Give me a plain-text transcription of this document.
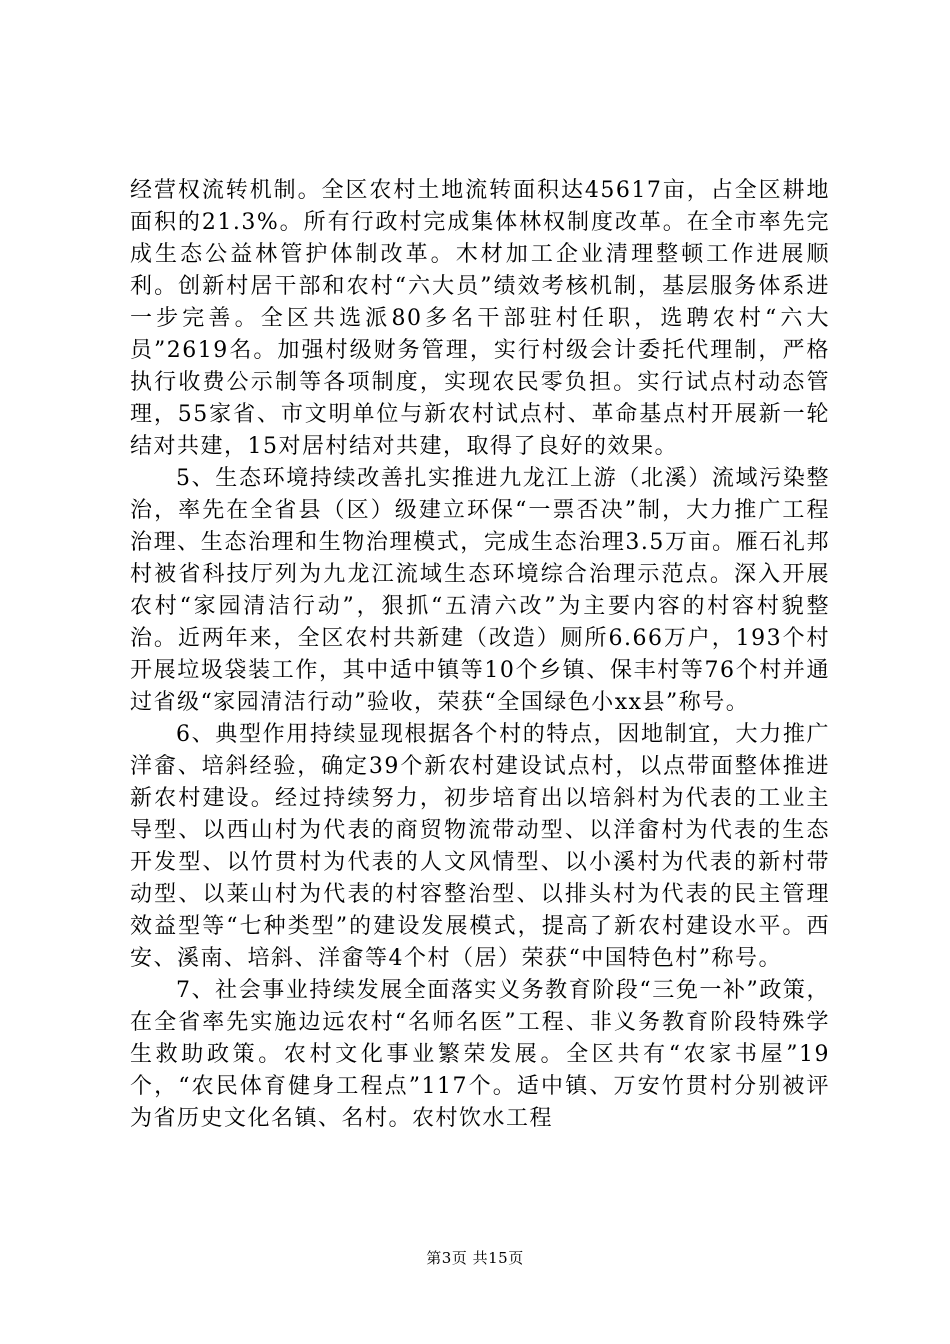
经营权流转机制。全区农村土地流转面积达45617亩，占全区耕地面积的21.3%。所有行政村完成集体林权制度改革。在全市率先完成生态公益林管护体制改革。木材加工企业清理整顿工作进展顺利。创新村居干部和农村“六大员”绩效考核机制，基层服务体系进一步完善。全区共选派80多名干部驻村任职，选聘农村“六大员”2619名。加强村级财务管理，实行村级会计委托代理制，严格执行收费公示制等各项制度，实现农民零负担。实行试点村动态管理，55家省、市文明单位与新农村试点村、革命基点村开展新一轮结对共建，15对居村结对共建，取得了良好的效果。

5、生态环境持续改善扎实推进九龙江上游（北溪）流域污染整治，率先在全省县（区）级建立环保“一票否决”制，大力推广工程治理、生态治理和生物治理模式，完成生态治理3.5万亩。雁石礼邦村被省科技厅列为九龙江流域生态环境综合治理示范点。深入开展农村“家园清洁行动”，狠抓“五清六改”为主要内容的村容村貌整治。近两年来，全区农村共新建（改造）厕所6.66万户，193个村开展垃圾袋装工作，其中适中镇等10个乡镇、保丰村等76个村并通过省级“家园清洁行动”验收，荣获“全国绿色小xx县”称号。

6、典型作用持续显现根据各个村的特点，因地制宜，大力推广洋畲、培斜经验，确定39个新农村建设试点村，以点带面整体推进新农村建设。经过持续努力，初步培育出以培斜村为代表的工业主导型、以西山村为代表的商贸物流带动型、以洋畲村为代表的生态开发型、以竹贯村为代表的人文风情型、以小溪村为代表的新村带动型、以莱山村为代表的村容整治型、以排头村为代表的民主管理效益型等“七种类型”的建设发展模式，提高了新农村建设水平。西安、溪南、培斜、洋畲等4个村（居）荣获“中国特色村”称号。

7、社会事业持续发展全面落实义务教育阶段“三免一补”政策，在全省率先实施边远农村“名师名医”工程、非义务教育阶段特殊学生救助政策。农村文化事业繁荣发展。全区共有“农家书屋”19个，“农民体育健身工程点”117个。适中镇、万安竹贯村分别被评为省历史文化名镇、名村。农村饮水工程

第3页 共15页
